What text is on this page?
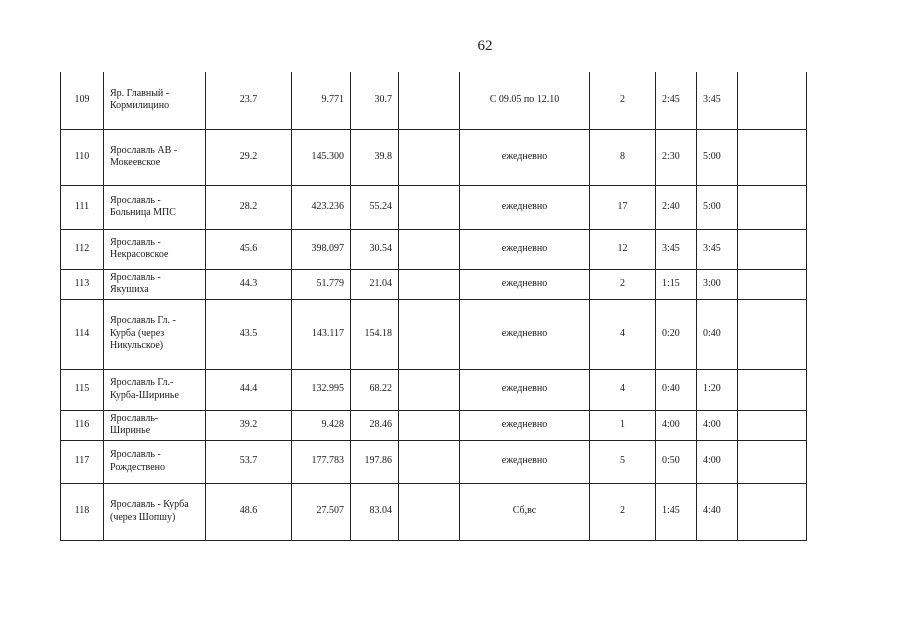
62
109	Яр. Главный - Кормилицино	23.7	9.771	30.7		С 09.05 по 12.10	2	2:45	3:45	
110	Ярославль АВ - Мокеевское	29.2	145.300	39.8		ежедневно	8	2:30	5:00	
111	Ярославль - Больница МПС	28.2	423.236	55.24		ежедневно	17	2:40	5:00	
112	Ярославль - Некрасовское	45.6	398.097	30.54		ежедневно	12	3:45	3:45	
113	Ярославль - Якушиха	44.3	51.779	21.04		ежедневно	2	1:15	3:00	
114	Ярославль Гл. - Курба (через Никульское)	43.5	143.117	154.18		ежедневно	4	0:20	0:40	
115	Ярославль Гл.- Курба-Ширинье	44.4	132.995	68.22		ежедневно	4	0:40	1:20	
116	Ярославль- Ширинье	39.2	9.428	28.46		ежедневно	1	4:00	4:00	
117	Ярославль - Рождествено	53.7	177.783	197.86		ежедневно	5	0:50	4:00	
118	Ярославль - Курба (через Шопшу)	48.6	27.507	83.04		Сб,вс	2	1:45	4:40	
